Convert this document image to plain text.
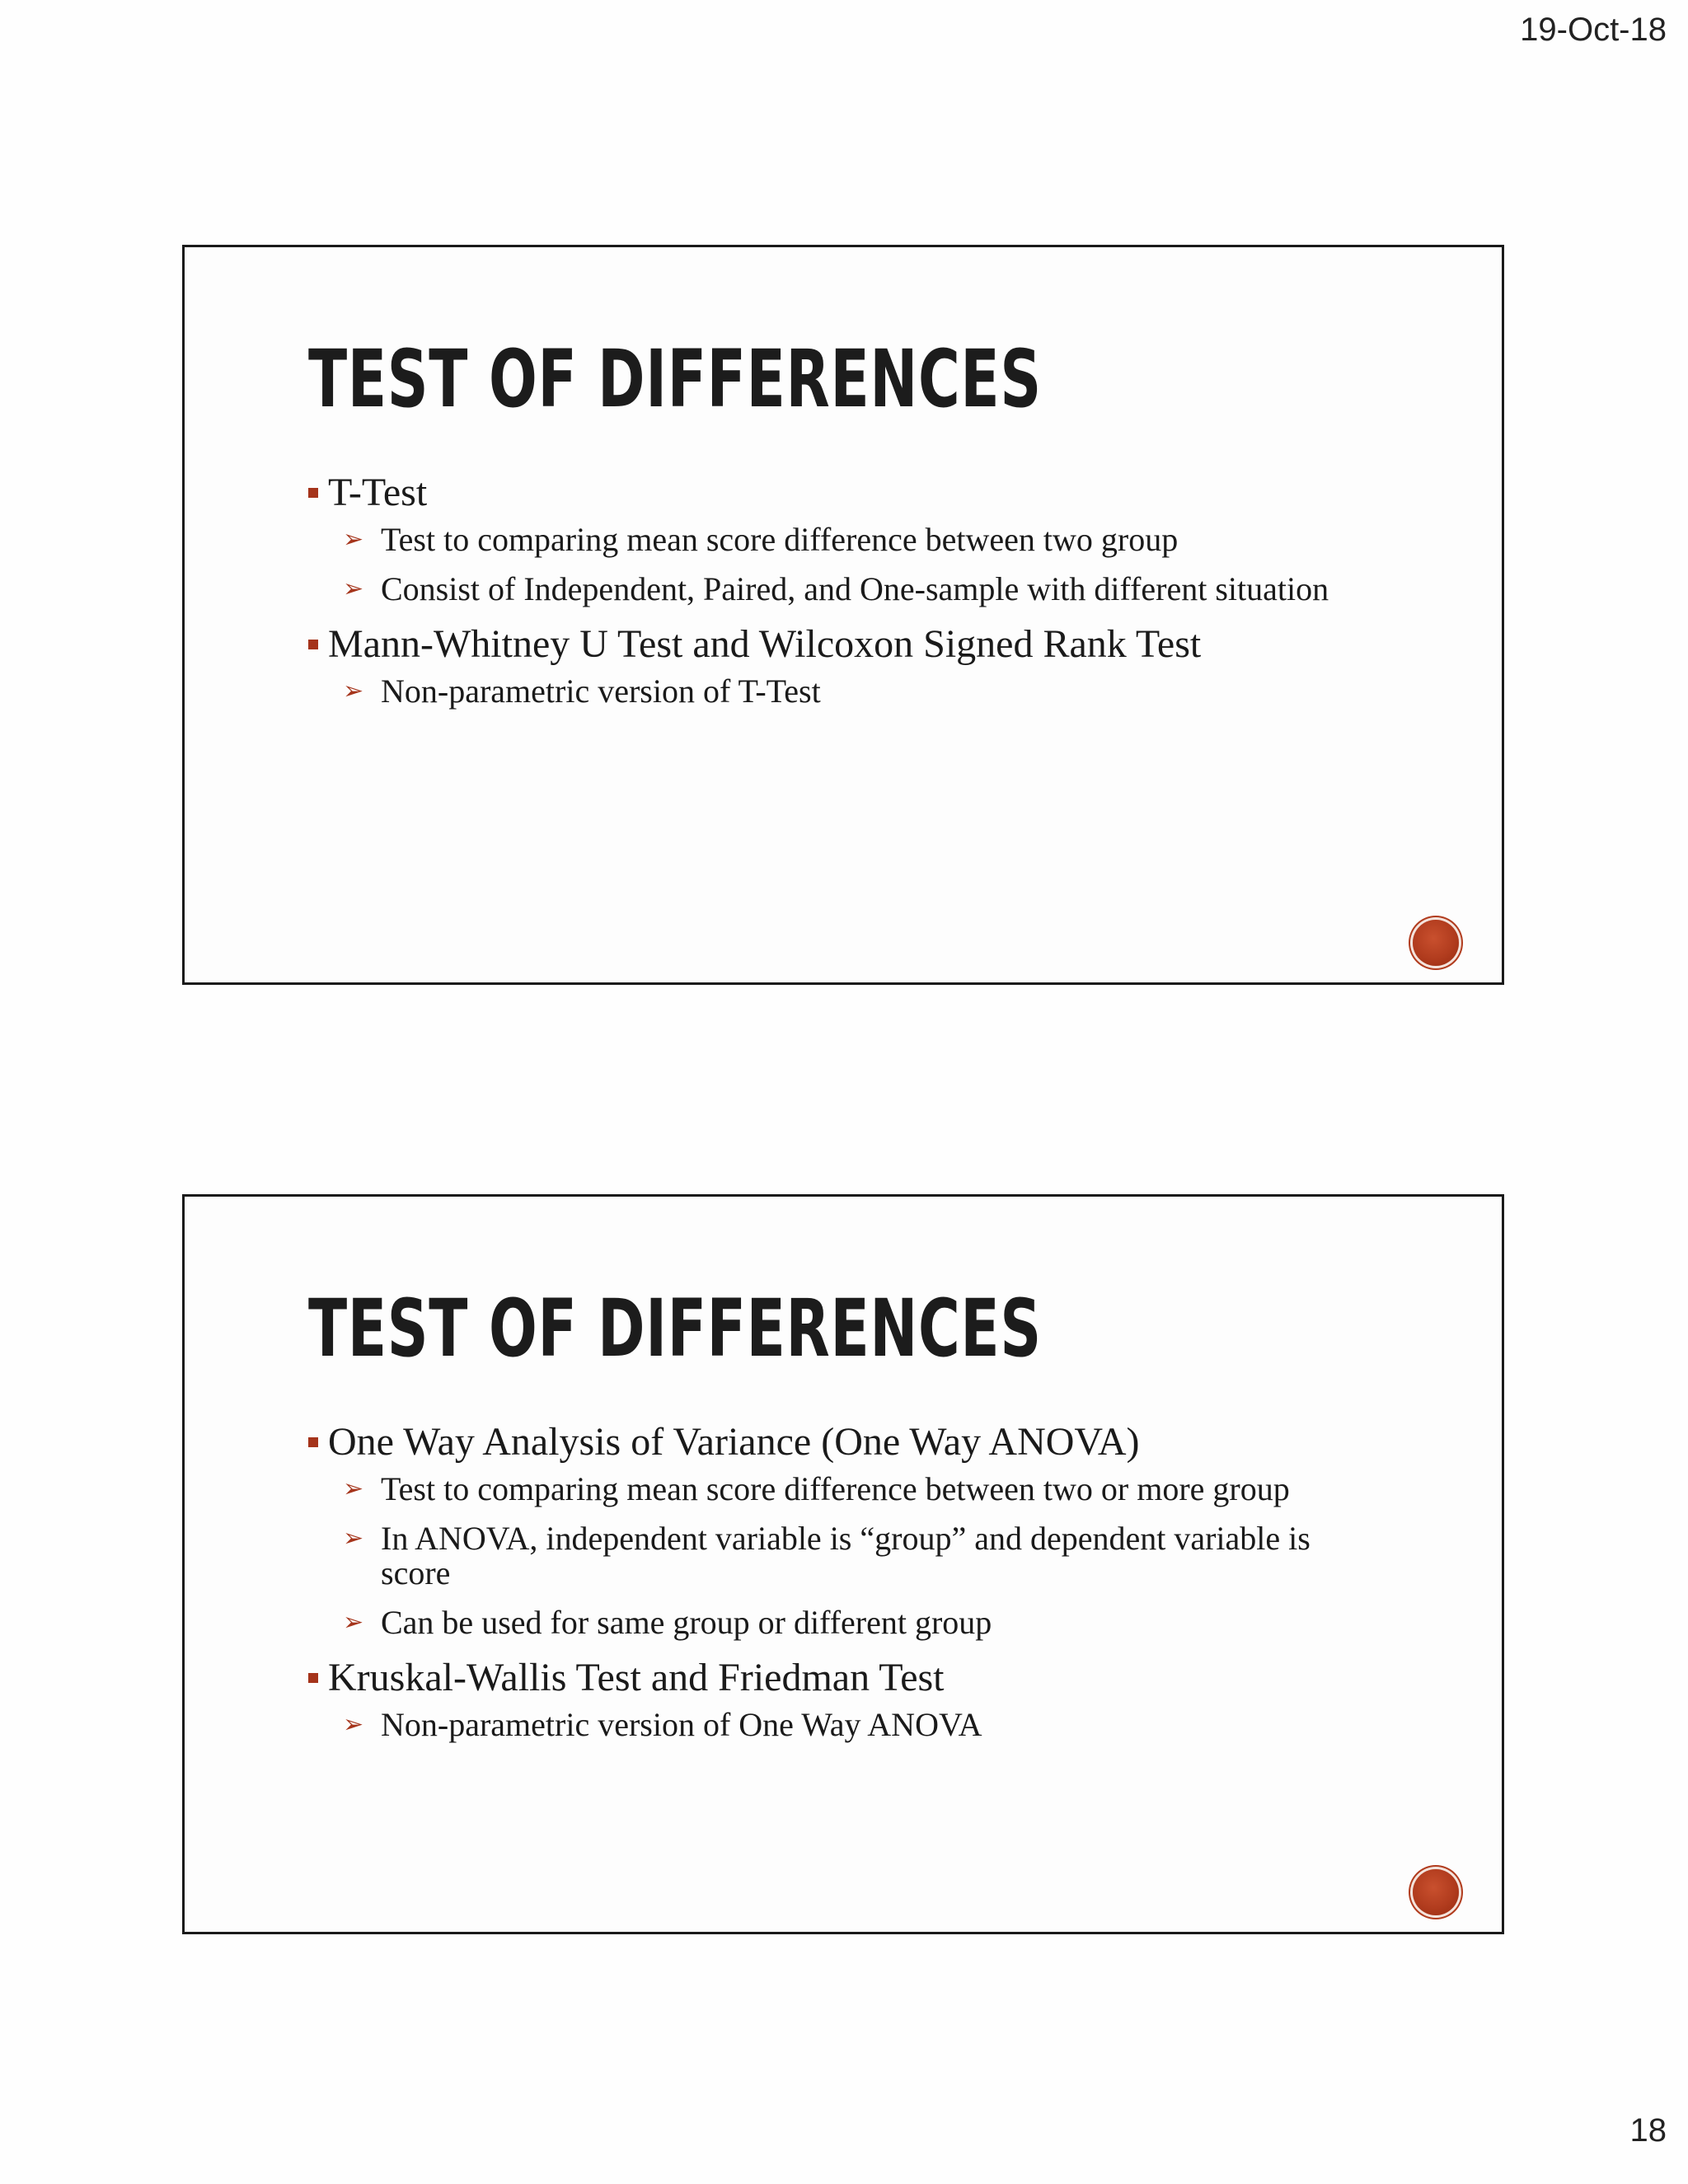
19-Oct-18
TEST OF DIFFERENCES
T-Test
➢ Test to comparing mean score difference between two group
➢ Consist of Independent, Paired, and One-sample with different situation
Mann-Whitney U Test and Wilcoxon Signed Rank Test
➢ Non-parametric version of T-Test
TEST OF DIFFERENCES
One Way Analysis of Variance (One Way ANOVA)
➢ Test to comparing mean score difference between two or more group
➢ In ANOVA, independent variable is “group” and dependent variable is score
➢ Can be used for same group or different group
Kruskal-Wallis Test and Friedman Test
➢ Non-parametric version of One Way ANOVA
18
